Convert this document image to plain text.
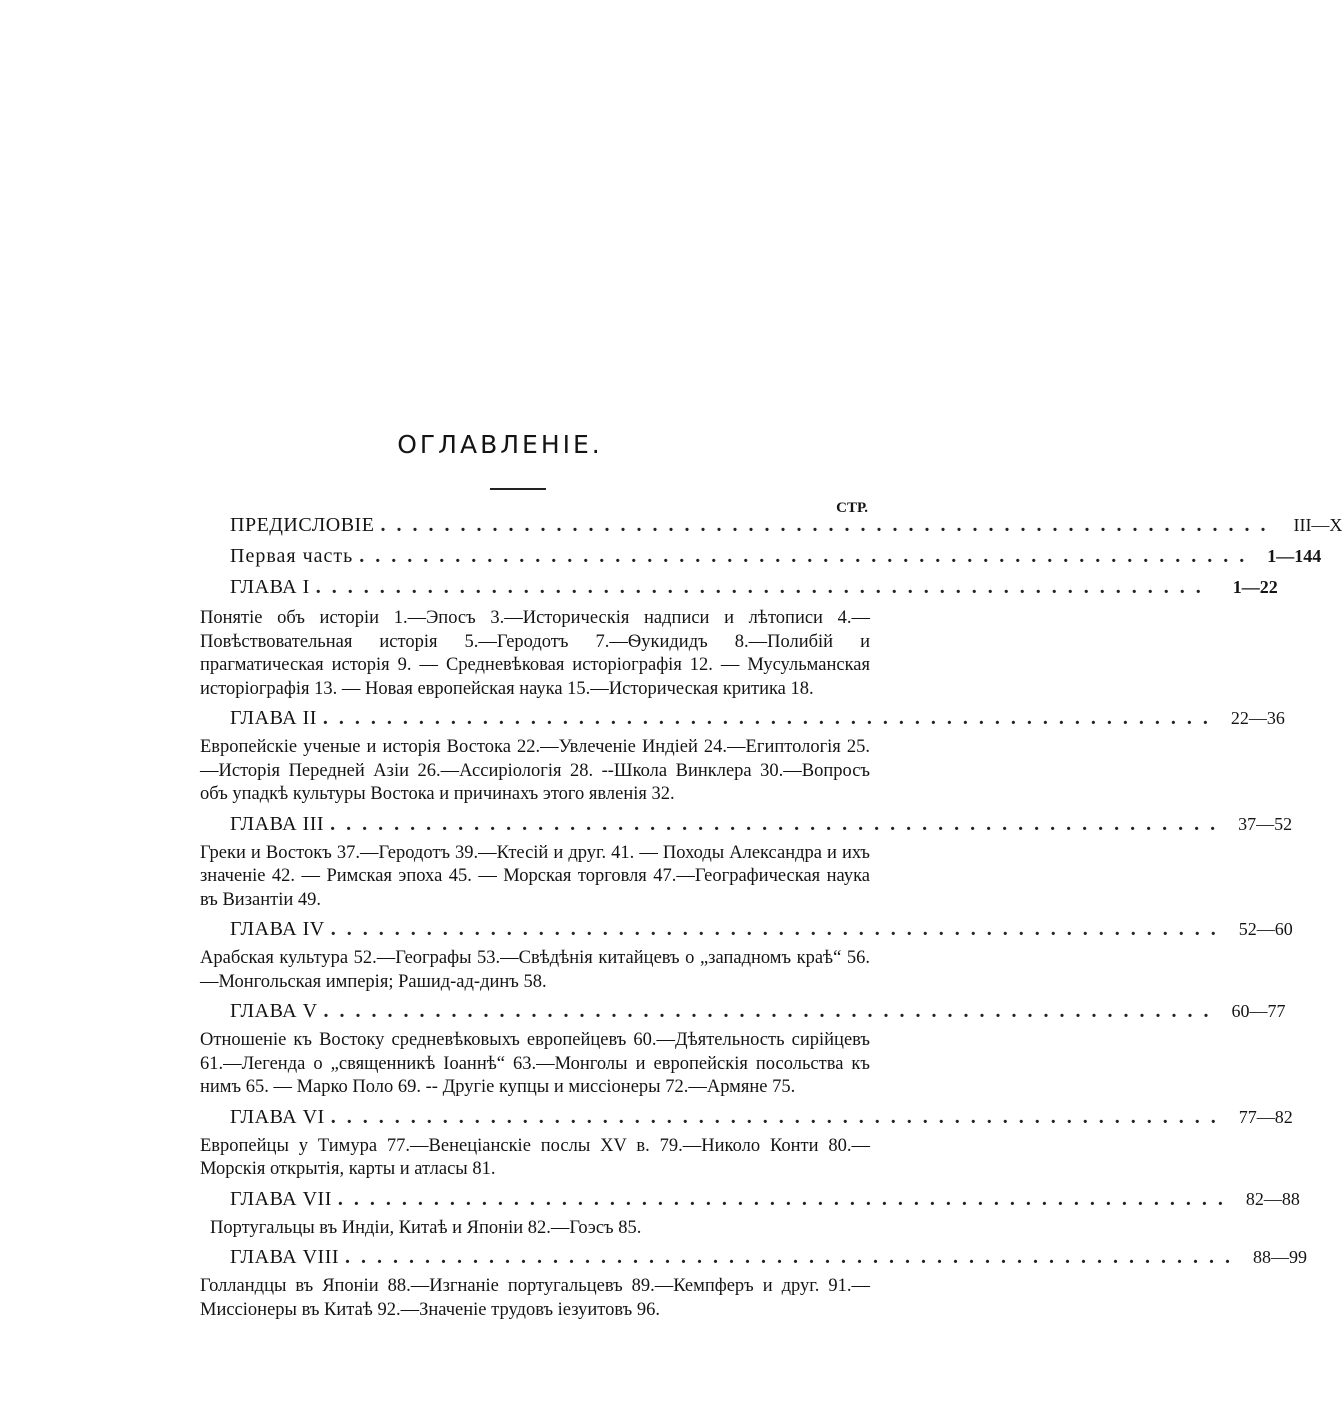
ОГЛАВЛЕНІЕ.
СТР.
ПРЕДИСЛОВІЕ ........................................................ III—X
Первая часть ........................................................ 1—144
ГЛАВА I ........................................................	1—22

Понятіе объ исторіи 1.—Эпосъ 3.—Историческія надписи и лѣтописи 4.—Повѣствовательная исторія 5.—Геродотъ 7.—Ѳукидидъ 8.—Полибій и прагматическая исторія 9. — Средневѣковая исторіографія 12. — Мусульманская исторіографія 13. — Новая европейская наука 15.—Историческая критика 18.

ГЛАВА II ........................................................ 22—36

Европейскіе ученые и исторія Востока 22.—Увлеченіе Индіей 24.—Египтологія 25.—Исторія Передней Азіи 26.—Ассиріологія 28. --Школа Винклера 30.—Вопросъ объ упадкѣ культуры Востока и причинахъ этого явленія 32.

ГЛАВА III ........................................................ 37—52

Греки и Востокъ 37.—Геродотъ 39.—Ктесій и друг. 41. — Походы Александра и ихъ значеніе 42. — Римская эпоха 45. — Морская торговля 47.—Географическая наука въ Византіи 49.

ГЛАВА IV ........................................................ 52—60

Арабская культура 52.—Географы 53.—Свѣдѣнія китайцевъ о „западномъ краѣ“ 56.—Монгольская имперія; Рашид-ад-динъ 58.

ГЛАВА V ........................................................ 60—77

Отношеніе къ Востоку средневѣковыхъ европейцевъ 60.—Дѣятельность сирійцевъ 61.—Легенда о „священникѣ Іоаннѣ“ 63.—Монголы и европейскія посольства къ нимъ 65. — Марко Поло 69. -- Другіе купцы и миссіонеры 72.—Армяне 75.

ГЛАВА VI ........................................................ 77—82

Европейцы у Тимура 77.—Венеціанскіе послы XV в. 79.—Николо Конти 80.—Морскія открытія, карты и атласы 81.

ГЛАВА VII ........................................................ 82—88

Португальцы въ Индіи, Китаѣ и Японіи 82.—Гоэсъ 85.

ГЛАВА VIII ........................................................ 88—99

Голландцы въ Японіи 88.—Изгнаніе португальцевъ 89.—Кемпферъ и друг. 91.—Миссіонеры въ Китаѣ 92.—Значеніе трудовъ іезуитовъ 96.
